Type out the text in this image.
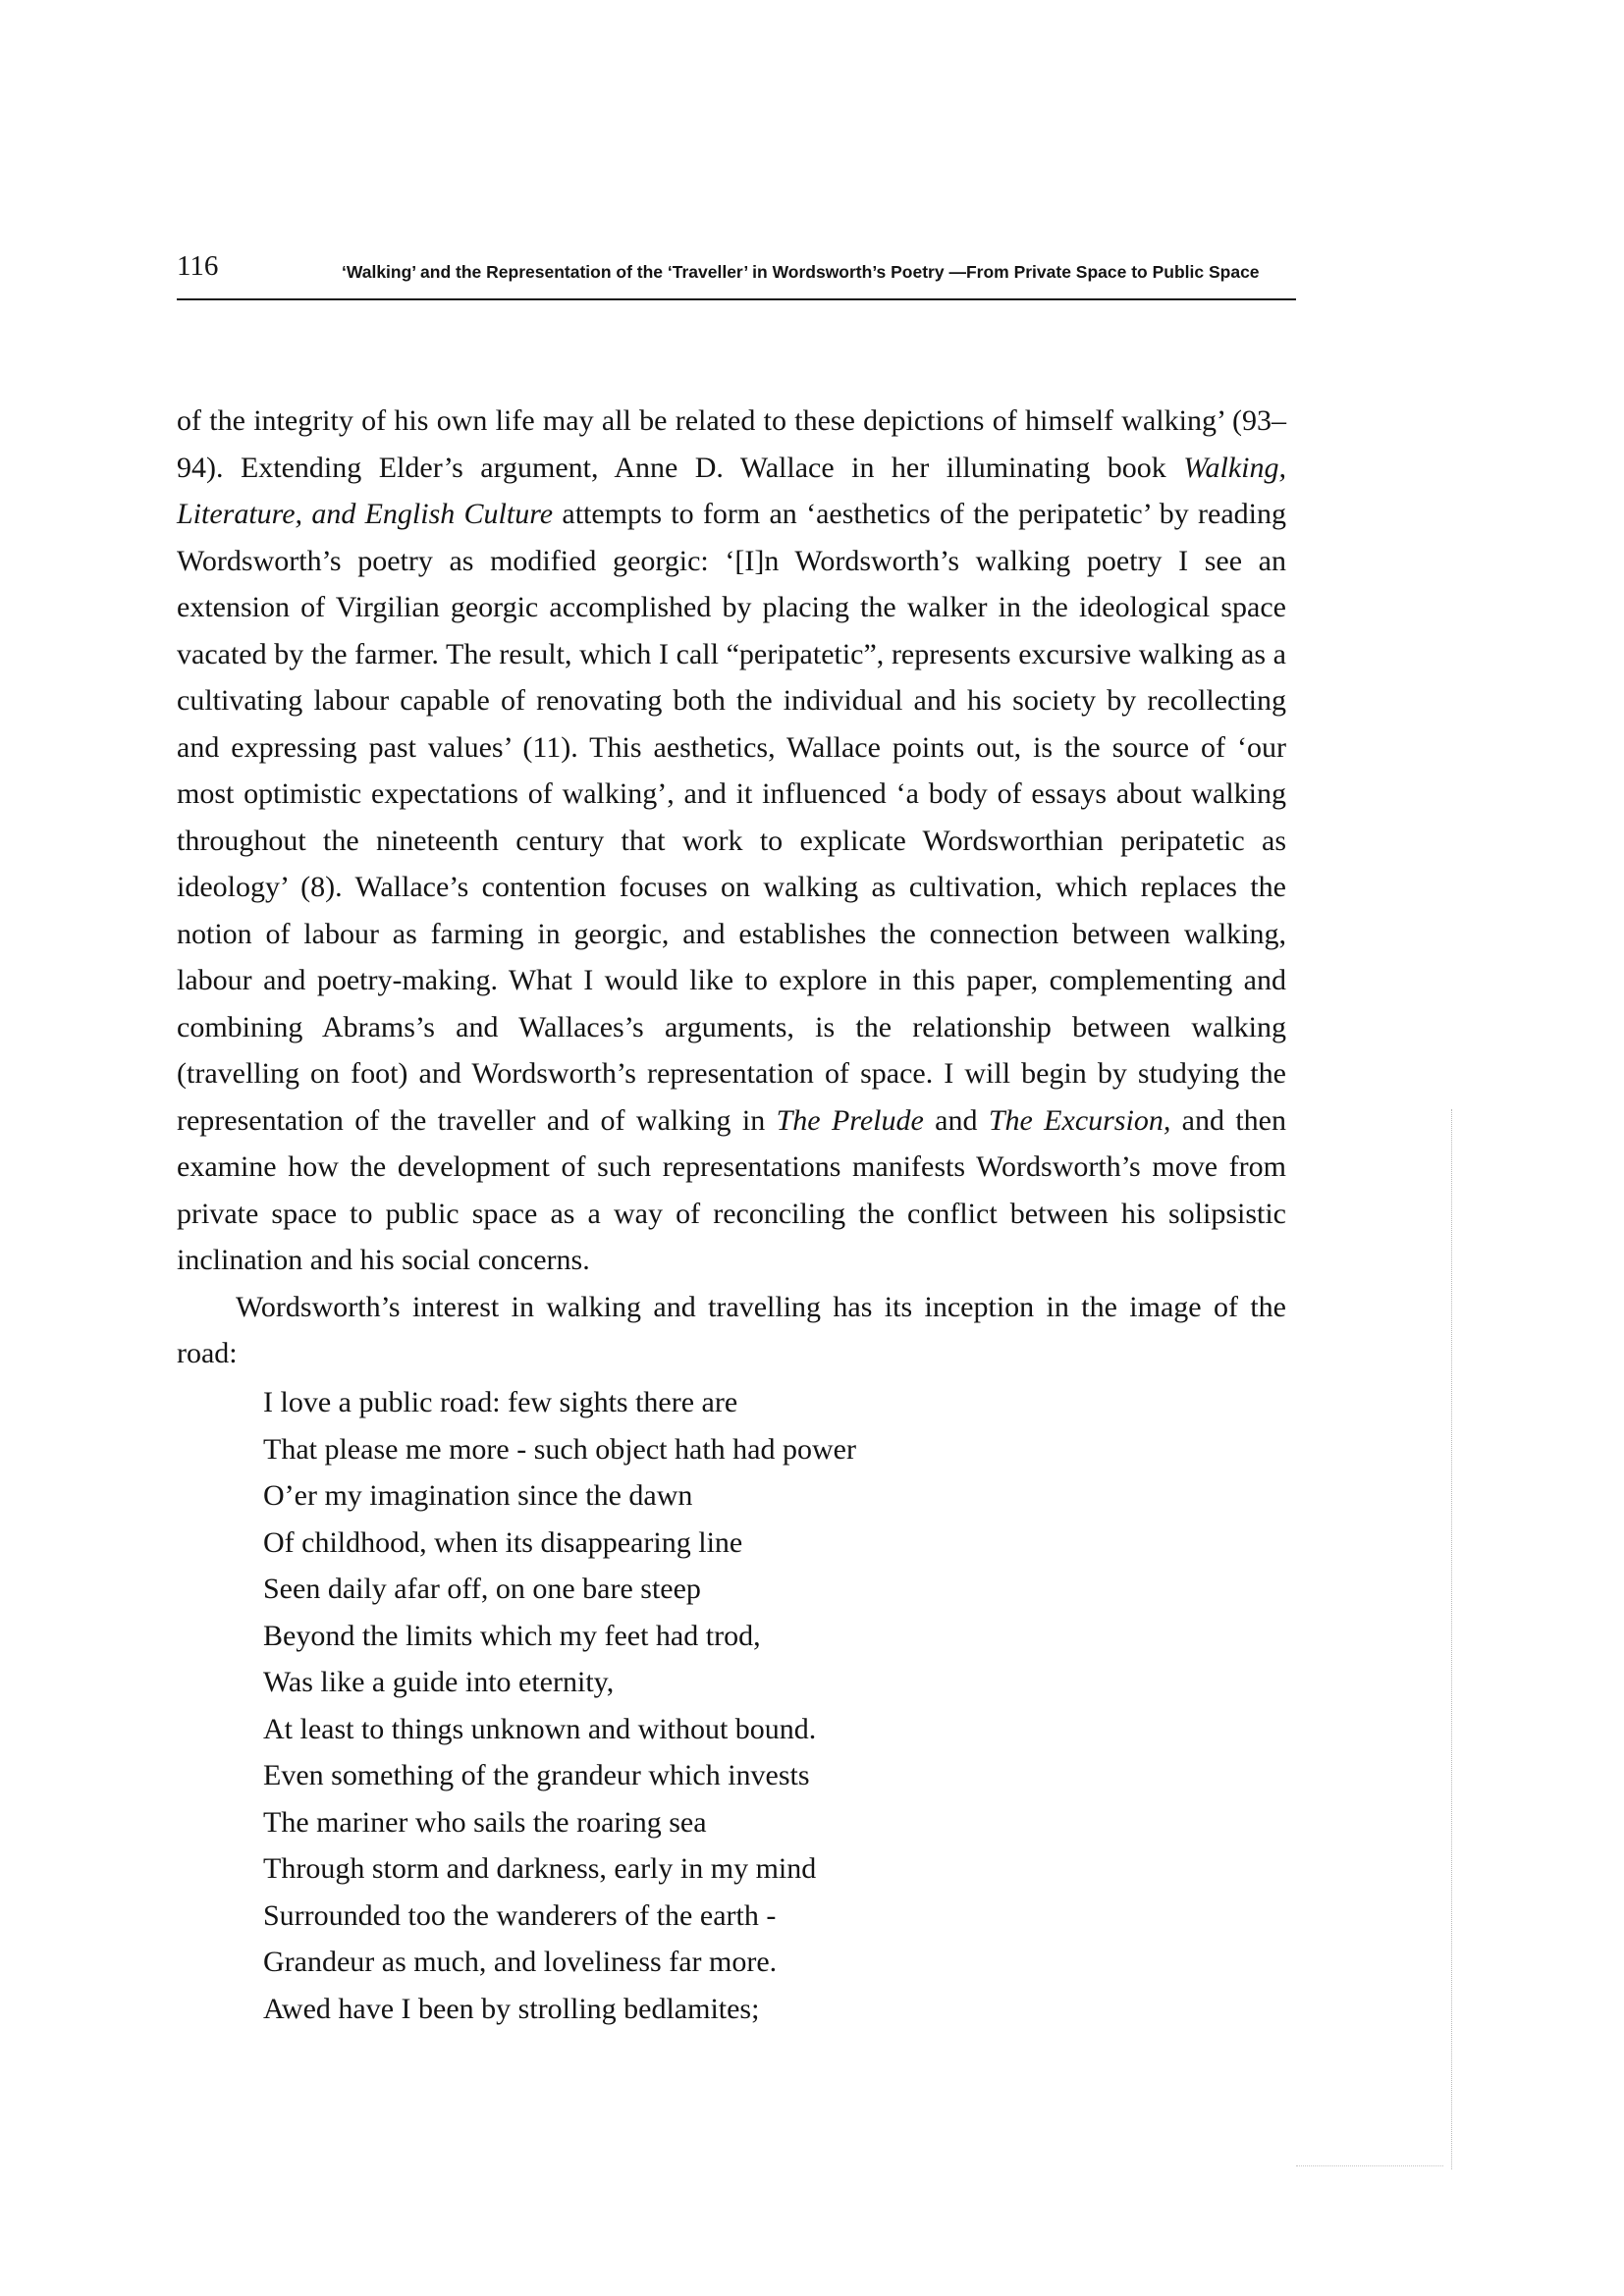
116	‘Walking’ and the Representation of the ‘Traveller’ in Wordsworth’s Poetry —From Private Space to Public Space

of the integrity of his own life may all be related to these depictions of himself walking’ (93–94). Extending Elder’s argument, Anne D. Wallace in her illuminating book Walking, Literature, and English Culture attempts to form an ‘aesthetics of the peripatetic’ by reading Wordsworth’s poetry as modified georgic: ‘[I]n Wordsworth’s walking poetry I see an extension of Virgilian georgic accomplished by placing the walker in the ideological space vacated by the farmer. The result, which I call “peripatetic”, represents excursive walking as a cultivating labour capable of renovating both the individual and his society by recollecting and expressing past values’ (11). This aesthetics, Wallace points out, is the source of ‘our most optimistic expectations of walking’, and it influenced ‘a body of essays about walking throughout the nineteenth century that work to explicate Wordsworthian peripatetic as ideology’ (8). Wallace’s contention focuses on walking as cultivation, which replaces the notion of labour as farming in georgic, and establishes the connection between walking, labour and poetry-making. What I would like to explore in this paper, complementing and combining Abrams’s and Wallaces’s arguments, is the relationship between walking (travelling on foot) and Wordsworth’s representation of space. I will begin by studying the representation of the traveller and of walking in The Prelude and The Excursion, and then examine how the development of such representations manifests Wordsworth’s move from private space to public space as a way of reconciling the conflict between his solipsistic inclination and his social concerns.

Wordsworth’s interest in walking and travelling has its inception in the image of the road:

I love a public road: few sights there are
That please me more - such object hath had power
O’er my imagination since the dawn
Of childhood, when its disappearing line
Seen daily afar off, on one bare steep
Beyond the limits which my feet had trod,
Was like a guide into eternity,
At least to things unknown and without bound.
Even something of the grandeur which invests
The mariner who sails the roaring sea
Through storm and darkness, early in my mind
Surrounded too the wanderers of the earth -
Grandeur as much, and loveliness far more.
Awed have I been by strolling bedlamites;
